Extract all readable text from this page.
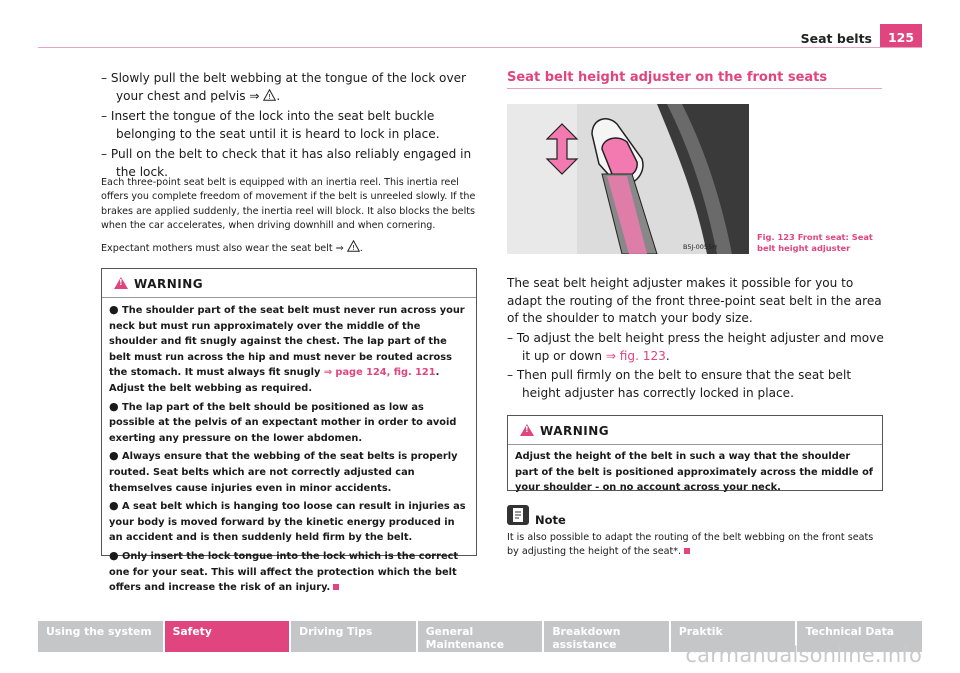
Seat belts	125
– Slowly pull the belt webbing at the tongue of the lock over your chest and pelvis ⇒ ! .
– Insert the tongue of the lock into the seat belt buckle belonging to the seat until it is heard to lock in place.
– Pull on the belt to check that it has also reliably engaged in the lock.
Each three-point seat belt is equipped with an inertia reel. This inertia reel offers you complete freedom of movement if the belt is unreeled slowly. If the brakes are applied suddenly, the inertia reel will block. It also blocks the belts when the car accelerates, when driving downhill and when cornering.
Expectant mothers must also wear the seat belt ⇒ ! .
!
WARNING
● The shoulder part of the seat belt must never run across your neck but must run approximately over the middle of the shoulder and fit snugly against the chest. The lap part of the belt must run across the hip and must never be routed across the stomach. It must always fit snugly ⇒ page 124, fig. 121. Adjust the belt webbing as required.
● The lap part of the belt should be positioned as low as possible at the pelvis of an expectant mother in order to avoid exerting any pressure on the lower abdomen.
● Always ensure that the webbing of the seat belts is properly routed. Seat belts which are not correctly adjusted can themselves cause injuries even in minor accidents.
● A seat belt which is hanging too loose can result in injuries as your body is moved forward by the kinetic energy produced in an accident and is then suddenly held firm by the belt.
● Only insert the lock tongue into the lock which is the correct one for your seat. This will affect the protection which the belt offers and increase the risk of an injury.
Seat belt height adjuster on the front seats
B5J-0055H
Fig. 123 Front seat: Seat belt height adjuster
The seat belt height adjuster makes it possible for you to adapt the routing of the front three-point seat belt in the area of the shoulder to match your body size.
– To adjust the belt height press the height adjuster and move it up or down ⇒ fig. 123.
– Then pull firmly on the belt to ensure that the seat belt height adjuster has correctly locked in place.
!
WARNING
Adjust the height of the belt in such a way that the shoulder part of the belt is positioned approximately across the middle of your shoulder - on no account across your neck.
Note
It is also possible to adapt the routing of the belt webbing on the front seats by adjusting the height of the seat*.
Using the system	Safety	Driving Tips	General Maintenance
Breakdown assistance
Praktik	Technical Data
carmanualsonline.info
